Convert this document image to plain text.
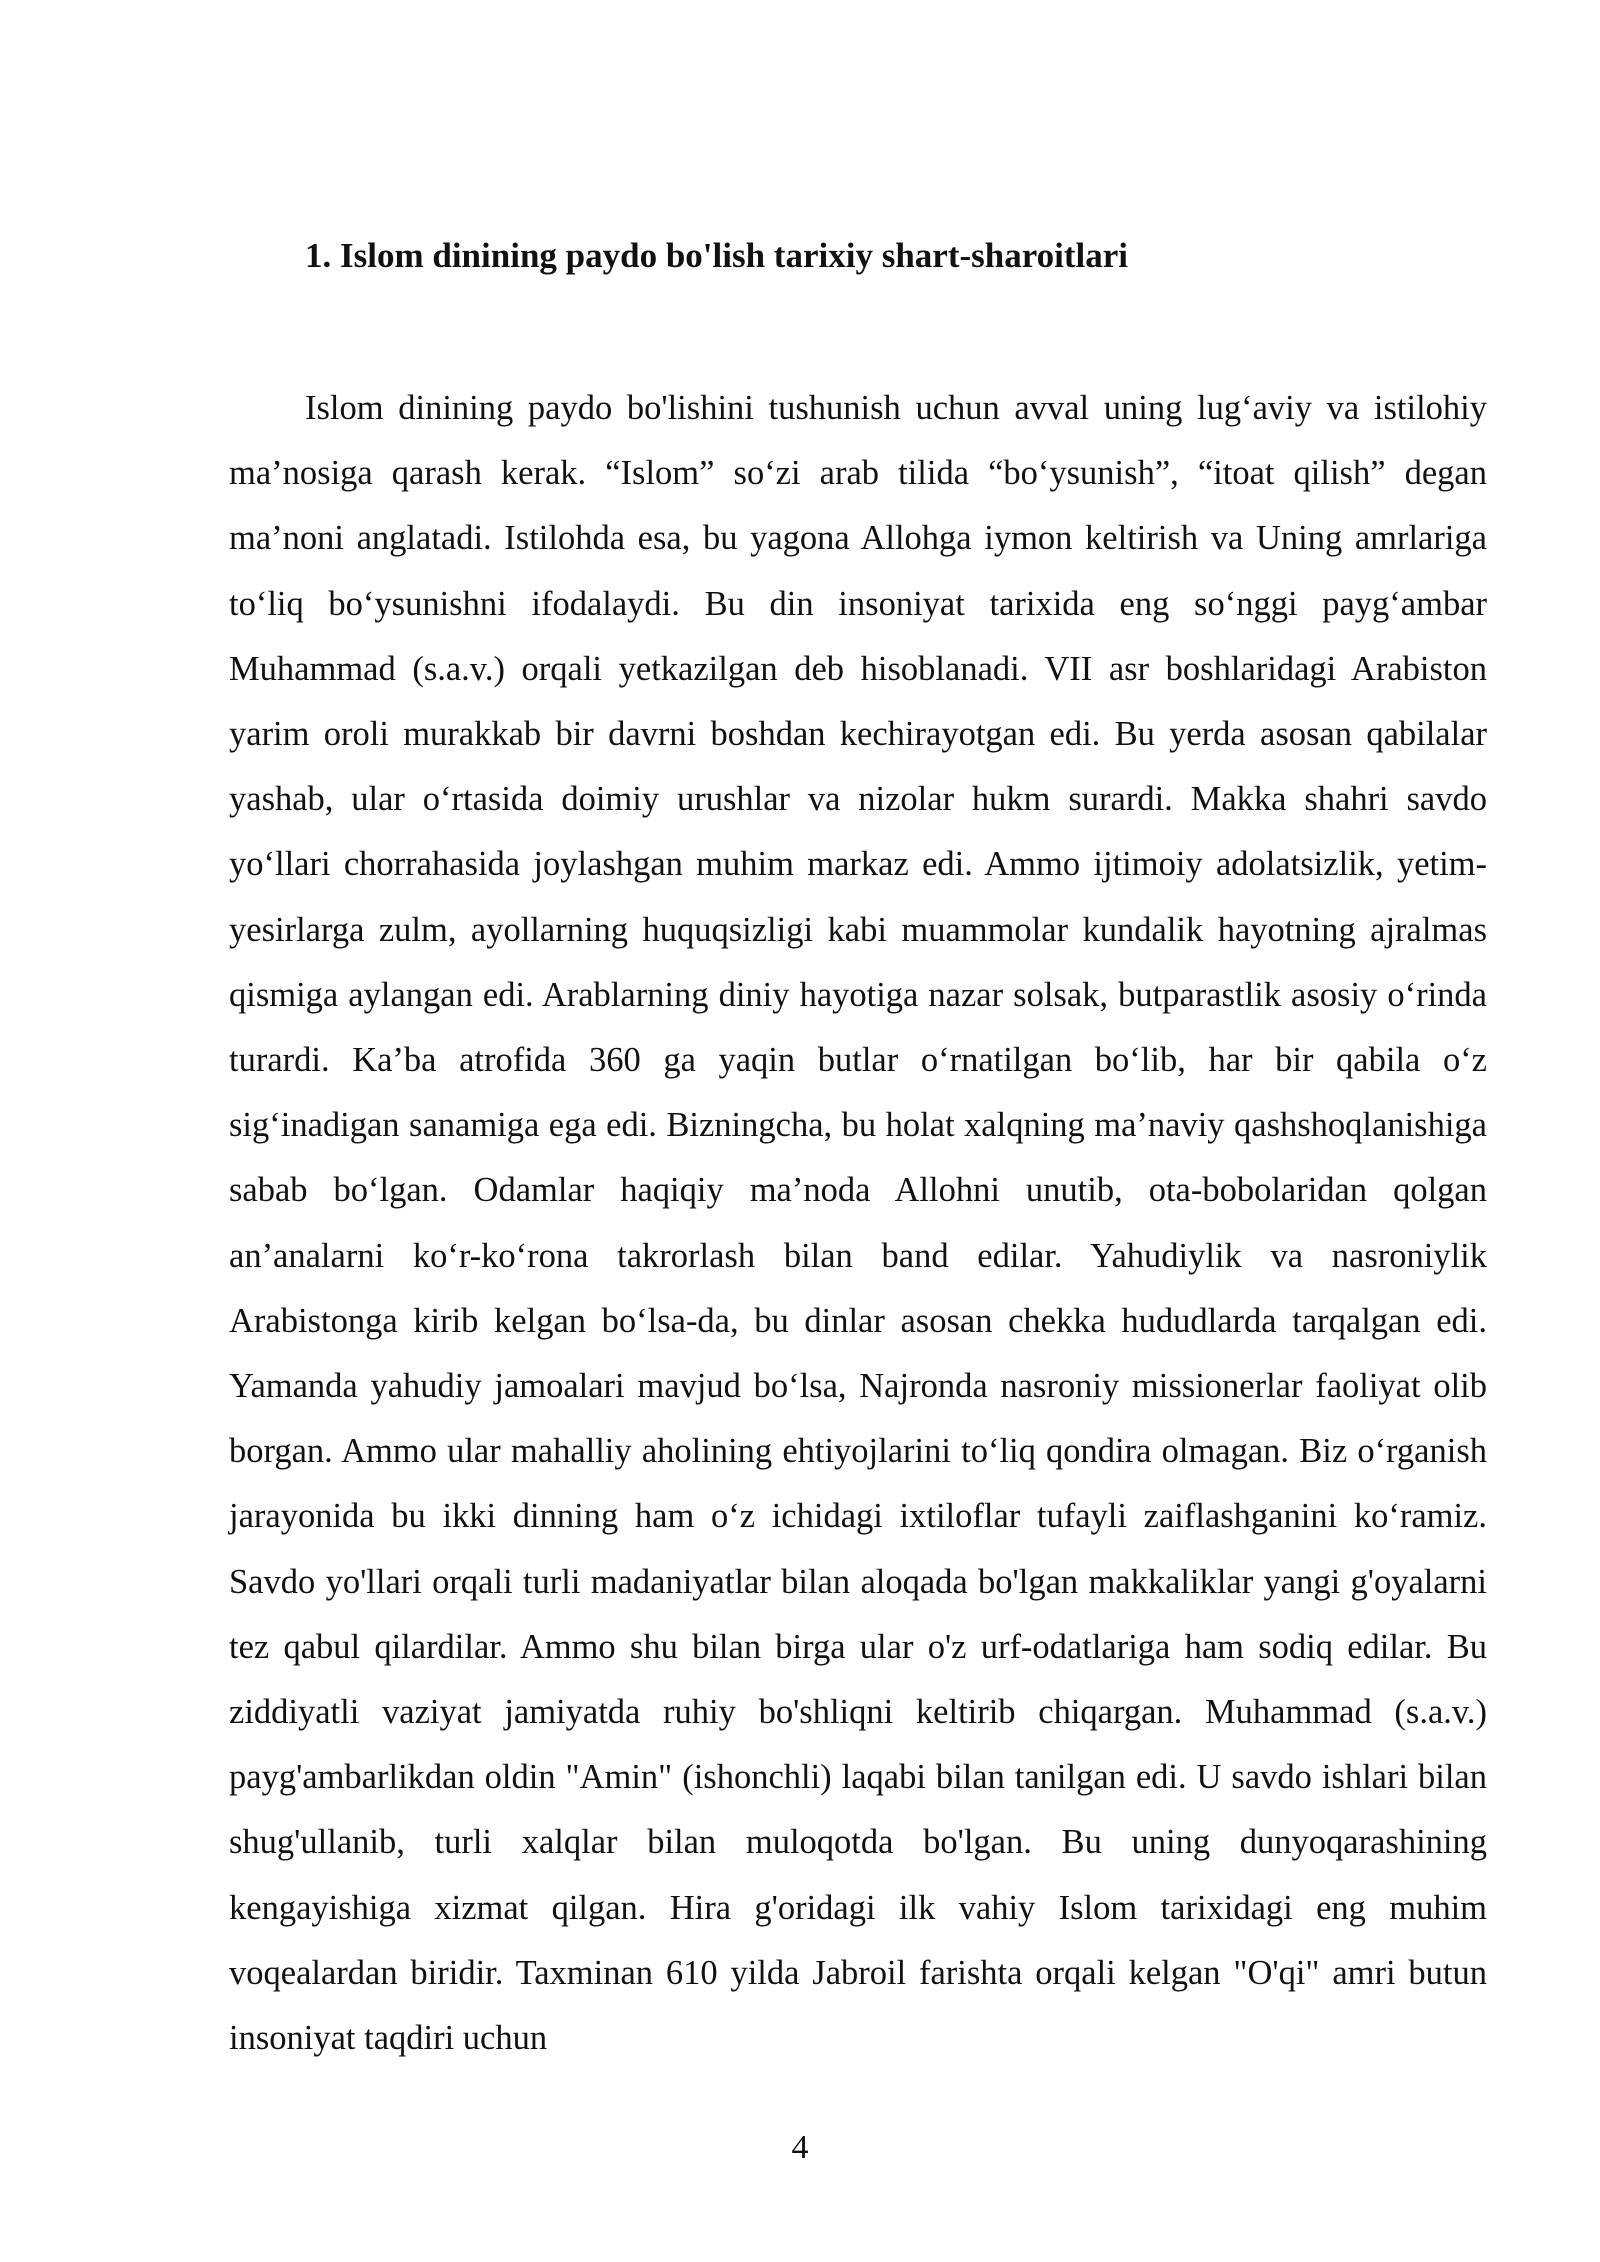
1. Islom dinining paydo bo'lish tarixiy shart-sharoitlari

Islom dinining paydo bo'lishini tushunish uchun avval uning lug‘aviy va istilohiy ma’nosiga qarash kerak. “Islom” so‘zi arab tilida “bo‘ysunish”, “itoat qilish” degan ma’noni anglatadi. Istilohda esa, bu yagona Allohga iymon keltirish va Uning amrlariga to‘liq bo‘ysunishni ifodalaydi. Bu din insoniyat tarixida eng so‘nggi payg‘ambar Muhammad (s.a.v.) orqali yetkazilgan deb hisoblanadi. VII asr boshlaridagi Arabiston yarim oroli murakkab bir davrni boshdan kechirayotgan edi. Bu yerda asosan qabilalar yashab, ular o‘rtasida doimiy urushlar va nizolar hukm surardi. Makka shahri savdo yo‘llari chorrahasida joylashgan muhim markaz edi. Ammo ijtimoiy adolatsizlik, yetim-yesirlarga zulm, ayollarning huquqsizligi kabi muammolar kundalik hayotning ajralmas qismiga aylangan edi. Arablarning diniy hayotiga nazar solsak, butparastlik asosiy o‘rinda turardi. Ka’ba atrofida 360 ga yaqin butlar o‘rnatilgan bo‘lib, har bir qabila o‘z sig‘inadigan sanamiga ega edi. Bizningcha, bu holat xalqning ma’naviy qashshoqlanishiga sabab bo‘lgan. Odamlar haqiqiy ma’noda Allohni unutib, ota-bobolaridan qolgan an’analarni ko‘r-ko‘rona takrorlash bilan band edilar. Yahudiylik va nasroniylik Arabistonga kirib kelgan bo‘lsa-da, bu dinlar asosan chekka hududlarda tarqalgan edi. Yamanda yahudiy jamoalari mavjud bo‘lsa, Najronda nasroniy missionerlar faoliyat olib borgan. Ammo ular mahalliy aholining ehtiyojlarini to‘liq qondira olmagan. Biz o‘rganish jarayonida bu ikki dinning ham o‘z ichidagi ixtiloflar tufayli zaiflashganini ko‘ramiz. Savdo yo'llari orqali turli madaniyatlar bilan aloqada bo'lgan makkaliklar yangi g'oyalarni tez qabul qilardilar. Ammo shu bilan birga ular o'z urf-odatlariga ham sodiq edilar. Bu ziddiyatli vaziyat jamiyatda ruhiy bo'shliqni keltirib chiqargan. Muhammad (s.a.v.) payg'ambarlikdan oldin "Amin" (ishonchli) laqabi bilan tanilgan edi. U savdo ishlari bilan shug'ullanib, turli xalqlar bilan muloqotda bo'lgan. Bu uning dunyoqarashining kengayishiga xizmat qilgan. Hira g'oridagi ilk vahiy Islom tarixidagi eng muhim voqealardan biridir. Taxminan 610 yilda Jabroil farishta orqali kelgan "O'qi" amri butun insoniyat taqdiri uchun

4
